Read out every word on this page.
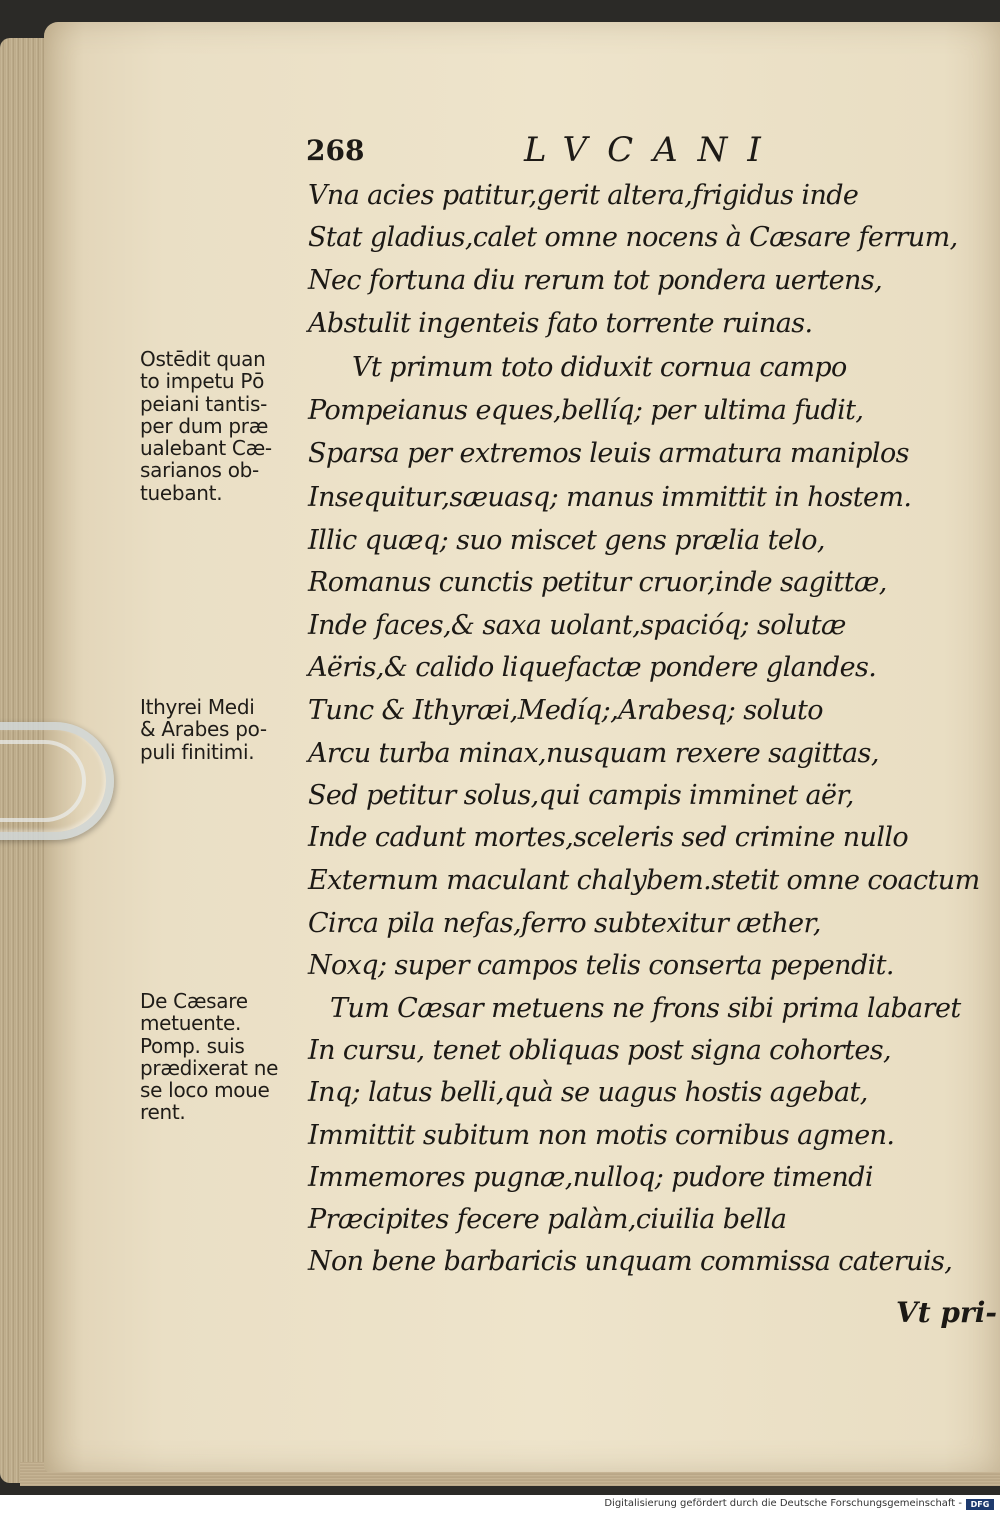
268	LVCANI
Vna acies patitur,gerit altera,frigidus inde
Stat gladius,calet omne nocens à Cæsare ferrum,
Nec fortuna diu rerum tot pondera uertens,
Abstulit ingenteis fato torrente ruinas.
Vt primum toto diduxit cornua campo
Pompeianus eques,bellíq; per ultima fudit,
Sparsa per extremos leuis armatura maniplos
Insequitur,sæuasq; manus immittit in hostem.
Illic quæq; suo miscet gens prælia telo,
Romanus cunctis petitur cruor,inde sagittæ,
Inde faces,& saxa uolant,spacióq; solutæ
Aëris,& calido liquefactæ pondere glandes.
Tunc & Ithyræi,Medíq;,Arabesq; soluto
Arcu turba minax,nusquam rexere sagittas,
Sed petitur solus,qui campis imminet aër,
Inde cadunt mortes,sceleris sed crimine nullo
Externum maculant chalybem.stetit omne coactum
Circa pila nefas,ferro subtexitur æther,
Noxq; super campos telis conserta pependit.
Tum Cæsar metuens ne frons sibi prima labaret
In cursu, tenet obliquas post signa cohortes,
Inq; latus belli,quà se uagus hostis agebat,
Immittit subitum non motis cornibus agmen.
Immemores pugnæ,nulloq; pudore timendi
Præcipites fecere palàm,ciuilia bella
Non bene barbaricis unquam commissa cateruis,
Ostēdit quan
to impetu Pō
peiani tantis-
per dum præ
ualebant Cæ-
sarianos ob-
tuebant.
Ithyrei Medi
& Arabes po-
puli finitimi.
De Cæsare
metuente.
Pomp. suis
prædixerat ne
se loco moue
rent.
Vt pri-
Digitalisierung gefördert durch die Deutsche Forschungsgemeinschaft -	DFG
